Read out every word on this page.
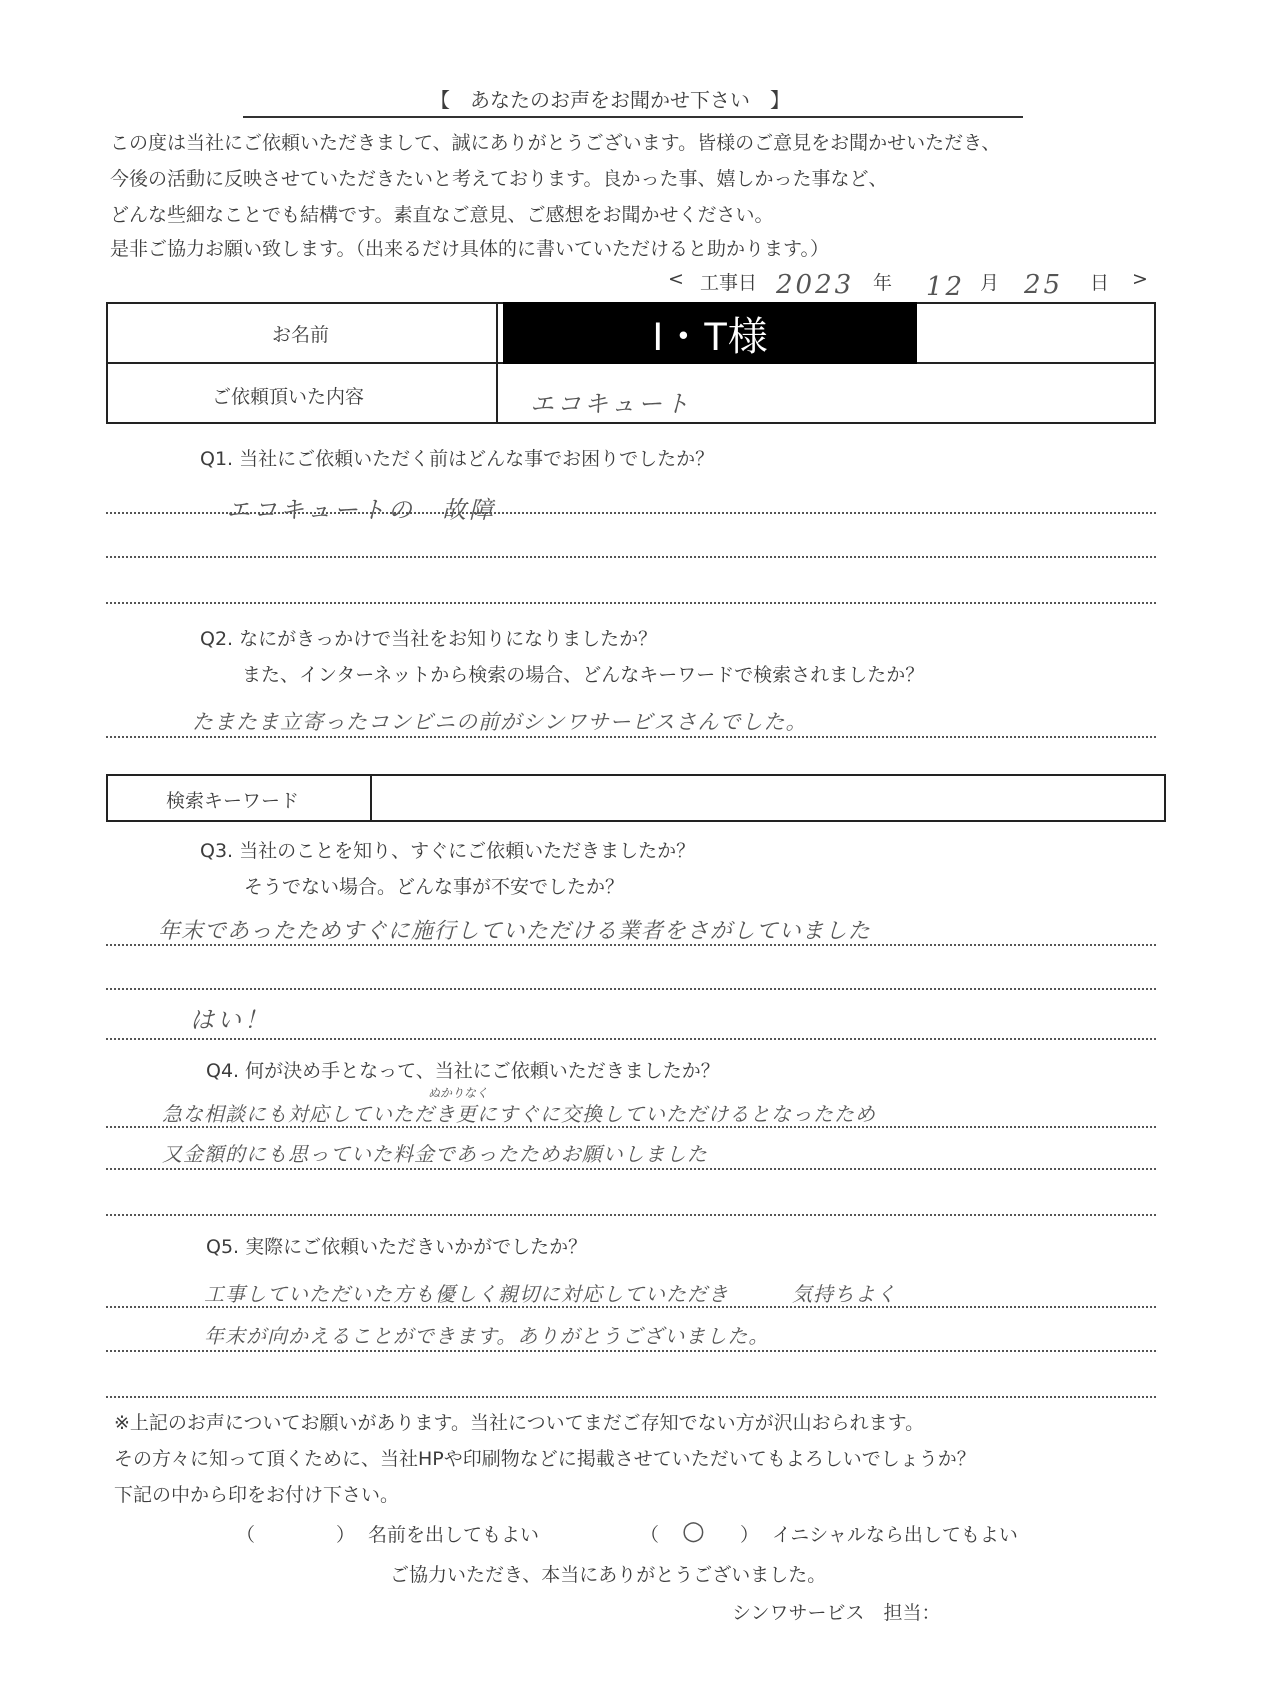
【　あなたのお声をお聞かせ下さい　】
この度は当社にご依頼いただきまして、誠にありがとうございます。皆様のご意見をお聞かせいただき、
今後の活動に反映させていただきたいと考えております。良かった事、嬉しかった事など、
どんな些細なことでも結構です。素直なご意見、ご感想をお聞かせください。
是非ご協力お願い致します。（出来るだけ具体的に書いていただけると助かります。）
< 工事日 2023 年 12 月 25 日 >
お名前	I・T様
ご依頼頂いた内容	エコキュート
Q1. 当社にご依頼いただく前はどんな事でお困りでしたか？
エコキュートの　故障
Q2. なにがきっかけで当社をお知りになりましたか？
また、インターネットから検索の場合、どんなキーワードで検索されましたか？
たまたま立寄ったコンビニの前がシンワサービスさんでした。
検索キーワード
Q3. 当社のことを知り、すぐにご依頼いただきましたか？
そうでない場合。どんな事が不安でしたか？
年末であったためすぐに施行していただける業者をさがしていました
はい！
Q4. 何が決め手となって、当社にご依頼いただきましたか？
ぬかりなく
急な相談にも対応していただき更にすぐに交換していただけるとなったため
又金額的にも思っていた料金であったためお願いしました
Q5. 実際にご依頼いただきいかがでしたか？
工事していただいた方も優しく親切に対応していただき　　　気持ちよく
年末が向かえることができます。ありがとうございました。
※上記のお声についてお願いがあります。当社についてまだご存知でない方が沢山おられます。
その方々に知って頂くために、当社HPや印刷物などに掲載させていただいてもよろしいでしょうか？
下記の中から印をお付け下さい。
（	） 名前を出してもよい	（ ○ ） イニシャルなら出してもよい
ご協力いただき、本当にありがとうございました。
シンワサービス　担当：
